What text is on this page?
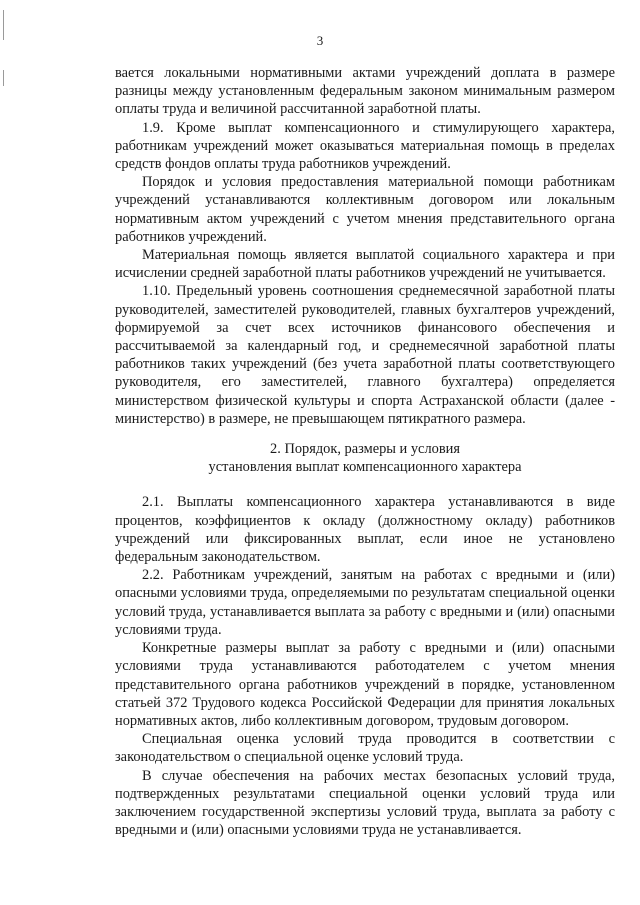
3

вается локальными нормативными актами учреждений доплата в размере разницы между установленным федеральным законом минимальным размером оплаты труда и величиной рассчитанной заработной платы.

1.9. Кроме выплат компенсационного и стимулирующего характера, работникам учреждений может оказываться материальная помощь в пределах средств фондов оплаты труда работников учреждений.

Порядок и условия предоставления материальной помощи работникам учреждений устанавливаются коллективным договором или локальным нормативным актом учреждений с учетом мнения представительного органа работников учреждений.

Материальная помощь является выплатой социального характера и при исчислении средней заработной платы работников учреждений не учитывается.

1.10. Предельный уровень соотношения среднемесячной заработной платы руководителей, заместителей руководителей, главных бухгалтеров учреждений, формируемой за счет всех источников финансового обеспечения и рассчитываемой за календарный год, и среднемесячной заработной платы работников таких учреждений (без учета заработной платы соответствующего руководителя, его заместителей, главного бухгалтера) определяется министерством физической культуры и спорта Астраханской области (далее - министерство) в размере, не превышающем пятикратного размера.

2. Порядок, размеры и условия
установления выплат компенсационного характера

2.1. Выплаты компенсационного характера устанавливаются в виде процентов, коэффициентов к окладу (должностному окладу) работников учреждений или фиксированных выплат, если иное не установлено федеральным законодательством.

2.2. Работникам учреждений, занятым на работах с вредными и (или) опасными условиями труда, определяемыми по результатам специальной оценки условий труда, устанавливается выплата за работу с вредными и (или) опасными условиями труда.

Конкретные размеры выплат за работу с вредными и (или) опасными условиями труда устанавливаются работодателем с учетом мнения представительного органа работников учреждений в порядке, установленном статьей 372 Трудового кодекса Российской Федерации для принятия локальных нормативных актов, либо коллективным договором, трудовым договором.

Специальная оценка условий труда проводится в соответствии с законодательством о специальной оценке условий труда.

В случае обеспечения на рабочих местах безопасных условий труда, подтвержденных результатами специальной оценки условий труда или заключением государственной экспертизы условий труда, выплата за работу с вредными и (или) опасными условиями труда не устанавливается.
